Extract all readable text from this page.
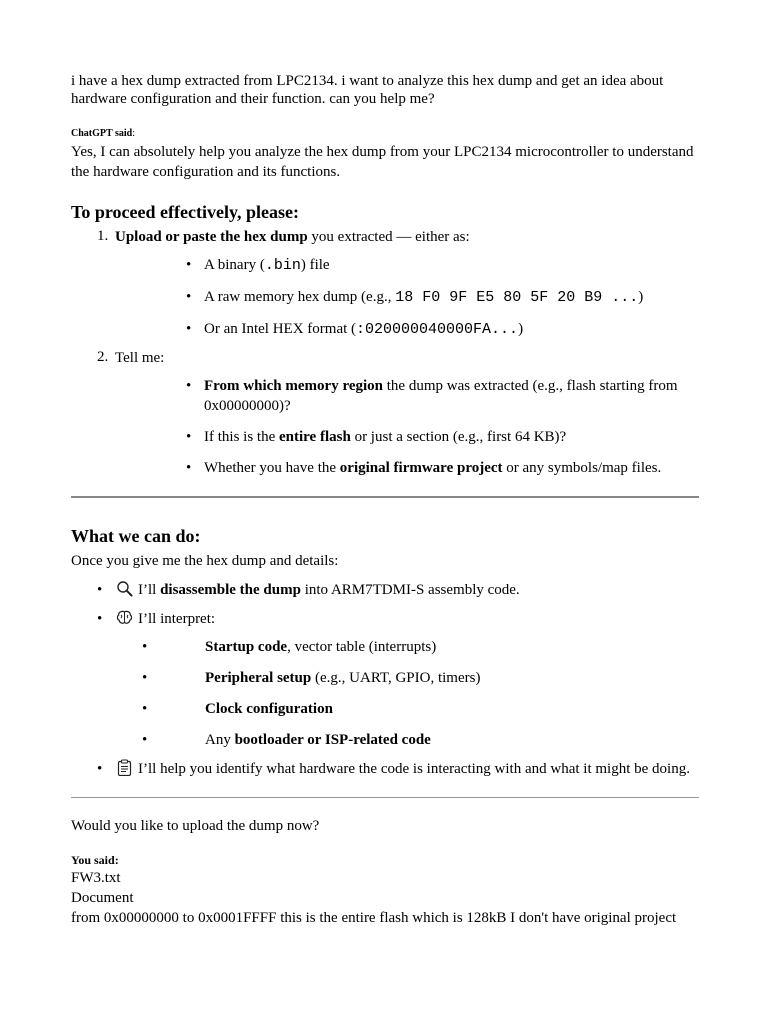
i have a hex dump extracted from LPC2134. i want to analyze this hex dump and get an idea about hardware configuration and their function. can you help me?

ChatGPT said:

Yes, I can absolutely help you analyze the hex dump from your LPC2134 microcontroller to understand the hardware configuration and its functions.

To proceed effectively, please:
1. Upload or paste the hex dump you extracted — either as:
• A binary (.bin) file
• A raw memory hex dump (e.g., 18 F0 9F E5 80 5F 20 B9 ...)
• Or an Intel HEX format (:020000040000FA...)
2. Tell me:
• From which memory region the dump was extracted (e.g., flash starting from 0x00000000)?
• If this is the entire flash or just a section (e.g., first 64 KB)?
• Whether you have the original firmware project or any symbols/map files.
What we can do:

Once you give me the hex dump and details:

• I’ll disassemble the dump into ARM7TDMI-S assembly code.
• I’ll interpret:
•	Startup code, vector table (interrupts)
•	Peripheral setup (e.g., UART, GPIO, timers)
•	Clock configuration
•	Any bootloader or ISP-related code
• I’ll help you identify what hardware the code is interacting with and what it might be doing.

Would you like to upload the dump now?

You said:

FW3.txt

Document

from 0x00000000 to 0x0001FFFF this is the entire flash which is 128kB I don't have original project
